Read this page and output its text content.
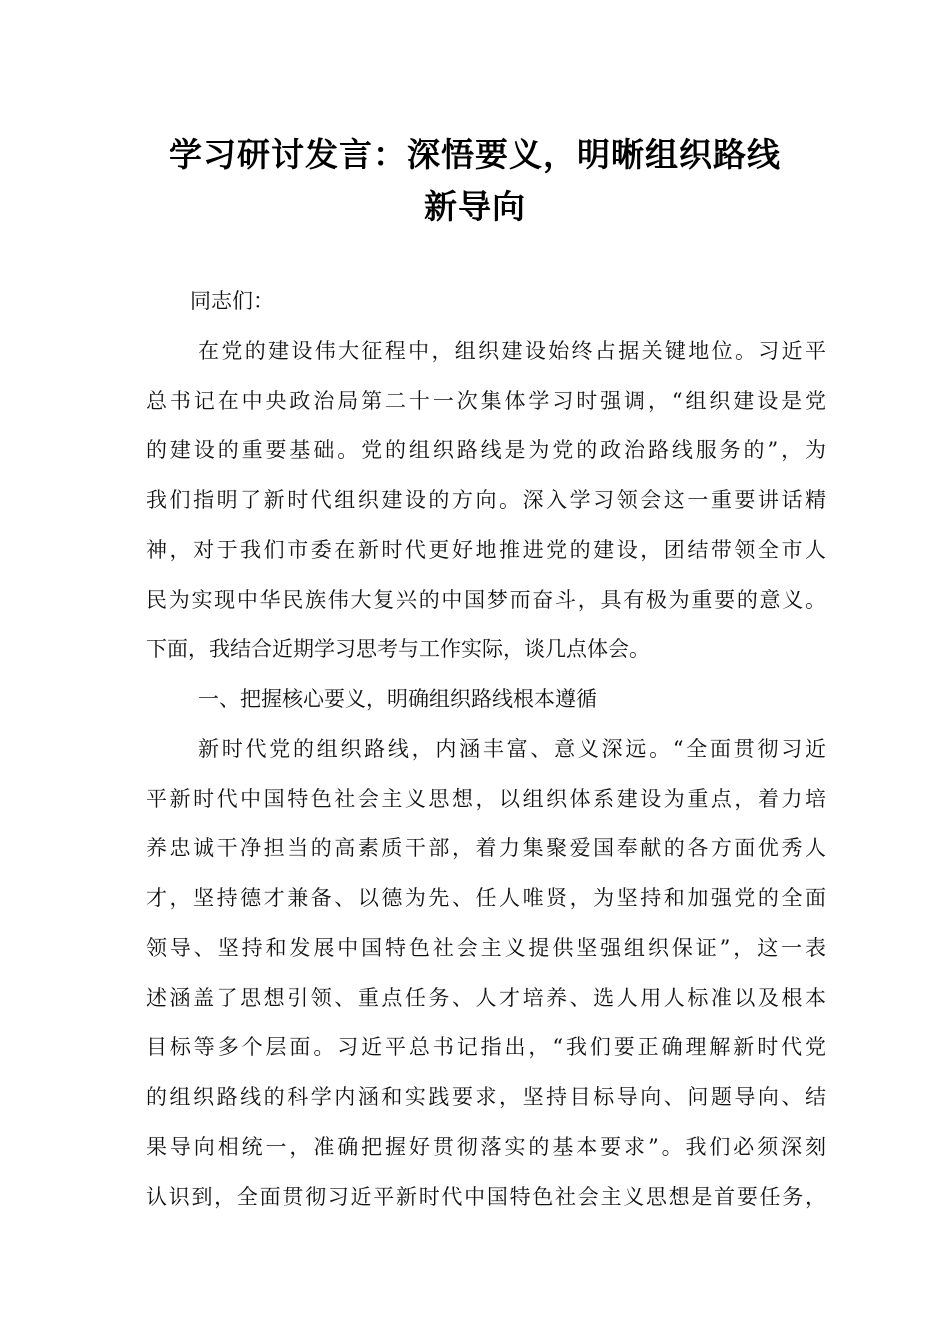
学习研讨发言：深悟要义，明晰组织路线
新导向
同志们：
在党的建设伟大征程中，组织建设始终占据关键地位。习近平
总书记在中央政治局第二十一次集体学习时强调，“组织建设是党
的建设的重要基础。党的组织路线是为党的政治路线服务的”，为
我们指明了新时代组织建设的方向。深入学习领会这一重要讲话精
神，对于我们市委在新时代更好地推进党的建设，团结带领全市人
民为实现中华民族伟大复兴的中国梦而奋斗，具有极为重要的意义。
下面，我结合近期学习思考与工作实际，谈几点体会。
一、把握核心要义，明确组织路线根本遵循
新时代党的组织路线，内涵丰富、意义深远。“全面贯彻习近
平新时代中国特色社会主义思想，以组织体系建设为重点，着力培
养忠诚干净担当的高素质干部，着力集聚爱国奉献的各方面优秀人
才，坚持德才兼备、以德为先、任人唯贤，为坚持和加强党的全面
领导、坚持和发展中国特色社会主义提供坚强组织保证”，这一表
述涵盖了思想引领、重点任务、人才培养、选人用人标准以及根本
目标等多个层面。习近平总书记指出，“我们要正确理解新时代党
的组织路线的科学内涵和实践要求，坚持目标导向、问题导向、结
果导向相统一，准确把握好贯彻落实的基本要求”。我们必须深刻
认识到，全面贯彻习近平新时代中国特色社会主义思想是首要任务，
